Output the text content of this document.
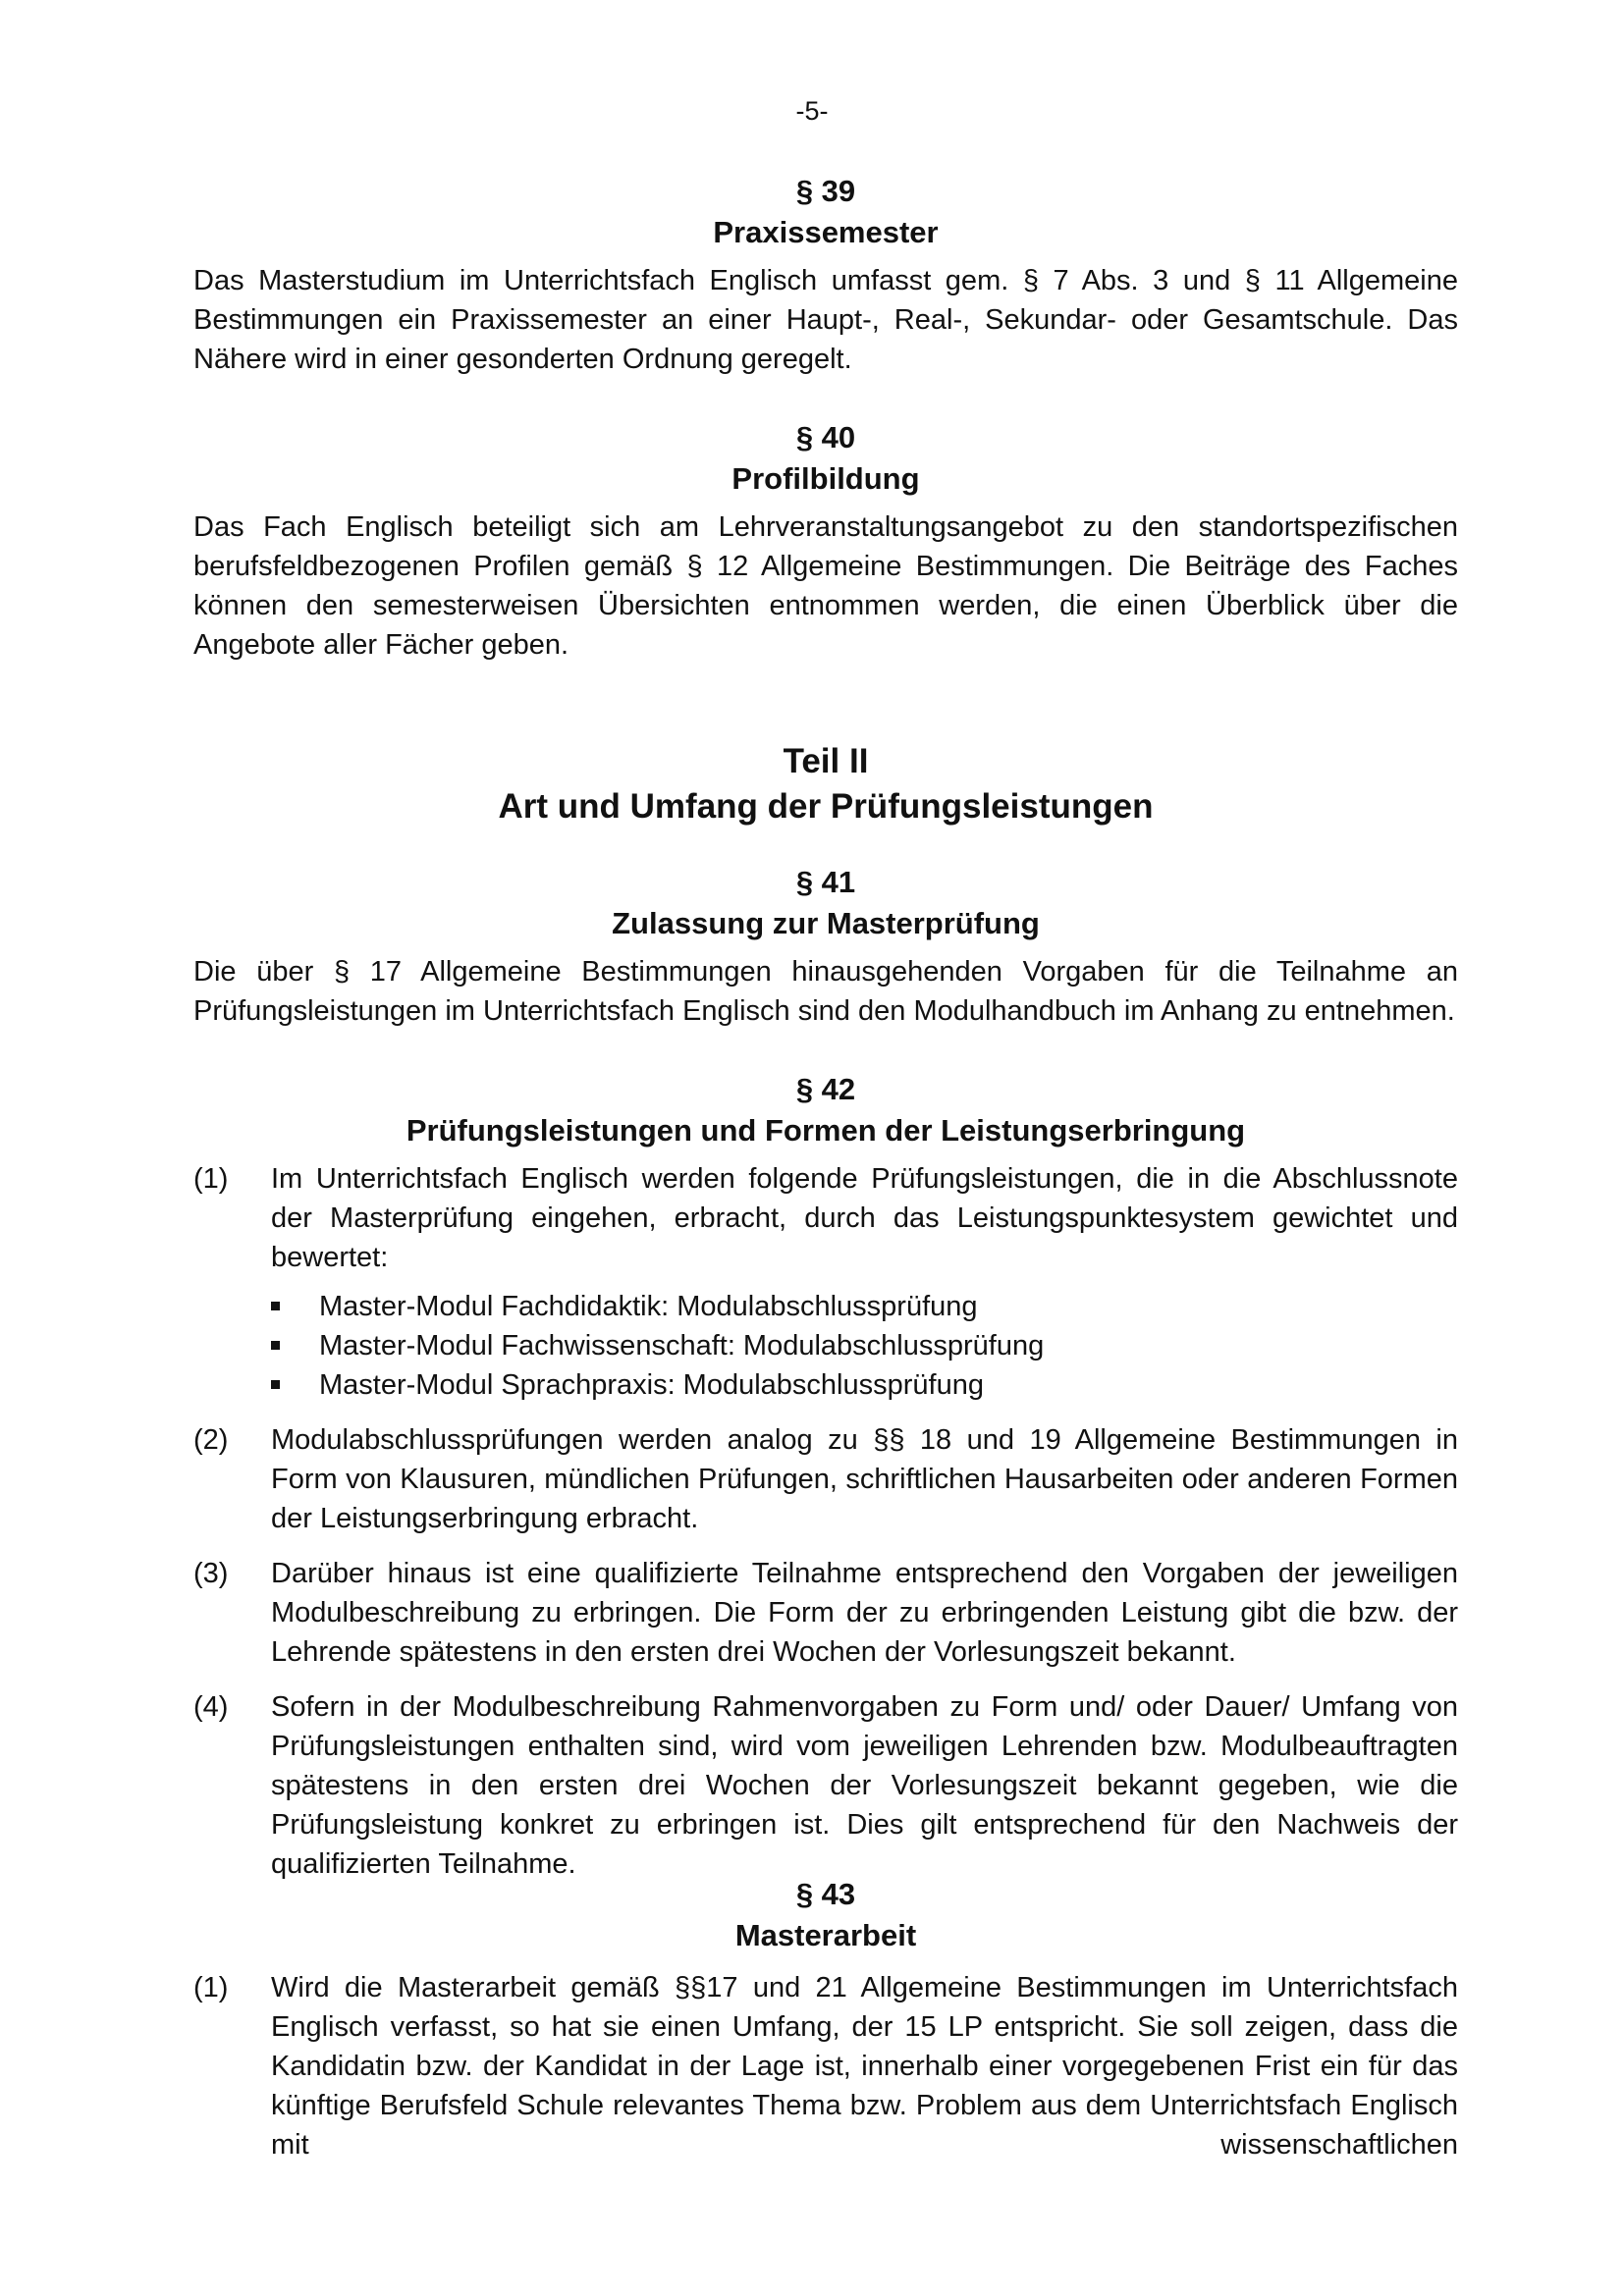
-5-
§ 39
Praxissemester

Das Masterstudium im Unterrichtsfach Englisch umfasst gem. § 7 Abs. 3 und § 11 Allgemeine Bestimmungen ein Praxissemester an einer Haupt-, Real-, Sekundar- oder Gesamtschule. Das Nähere wird in einer gesonderten Ordnung geregelt.

§ 40
Profilbildung

Das Fach Englisch beteiligt sich am Lehrveranstaltungsangebot zu den standortspezifischen berufsfeldbezogenen Profilen gemäß § 12 Allgemeine Bestimmungen. Die Beiträge des Faches können den semesterweisen Übersichten entnommen werden, die einen Überblick über die Angebote aller Fächer geben.

Teil II
Art und Umfang der Prüfungsleistungen
§ 41
Zulassung zur Masterprüfung

Die über § 17 Allgemeine Bestimmungen hinausgehenden Vorgaben für die Teilnahme an Prüfungsleistungen im Unterrichtsfach Englisch sind den Modulhandbuch im Anhang zu entnehmen.

§ 42
Prüfungsleistungen und Formen der Leistungserbringung
(1)	Im Unterrichtsfach Englisch werden folgende Prüfungsleistungen, die in die Abschlussnote der Masterprüfung eingehen, erbracht, durch das Leistungspunktesystem gewichtet und bewertet:
Master-Modul Fachdidaktik: Modulabschlussprüfung
Master-Modul Fachwissenschaft: Modulabschlussprüfung
Master-Modul Sprachpraxis: Modulabschlussprüfung
(2)	Modulabschlussprüfungen werden analog zu §§ 18 und 19 Allgemeine Bestimmungen in Form von Klausuren, mündlichen Prüfungen, schriftlichen Hausarbeiten oder anderen Formen der Leistungserbringung erbracht.
(3)	Darüber hinaus ist eine qualifizierte Teilnahme entsprechend den Vorgaben der jeweiligen Modulbeschreibung zu erbringen. Die Form der zu erbringenden Leistung gibt die bzw. der Lehrende spätestens in den ersten drei Wochen der Vorlesungszeit bekannt.
(4)	Sofern in der Modulbeschreibung Rahmenvorgaben zu Form und/ oder Dauer/ Umfang von Prüfungsleistungen enthalten sind, wird vom jeweiligen Lehrenden bzw. Modulbeauftragten spätestens in den ersten drei Wochen der Vorlesungszeit bekannt gegeben, wie die Prüfungsleistung konkret zu erbringen ist. Dies gilt entsprechend für den Nachweis der qualifizierten Teilnahme.
§ 43
Masterarbeit
(1)	Wird die Masterarbeit gemäß §§17 und 21 Allgemeine Bestimmungen im Unterrichtsfach Englisch verfasst, so hat sie einen Umfang, der 15 LP entspricht. Sie soll zeigen, dass die Kandidatin bzw. der Kandidat in der Lage ist, innerhalb einer vorgegebenen Frist ein für das künftige Berufsfeld Schule relevantes Thema bzw. Problem aus dem Unterrichtsfach Englisch mit wissenschaftlichen
